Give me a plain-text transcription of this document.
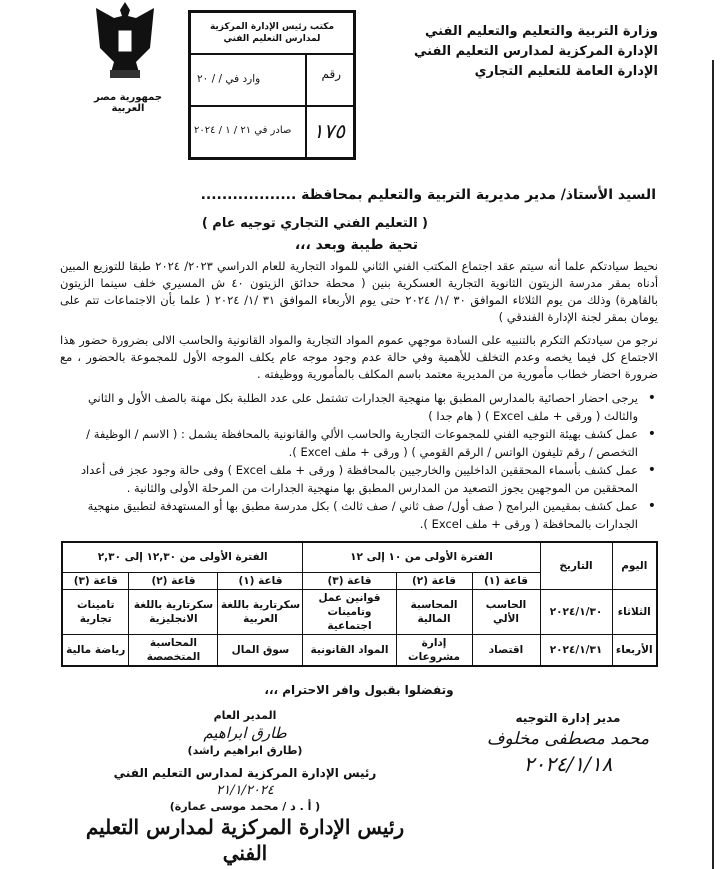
وزارة التربية والتعليم والتعليم الفني
الإدارة المركزية لمدارس التعليم الفني
الإدارة العامة للتعليم التجاري
جمهورية مصر العربية
مكتب رئيس الإدارة المركزية لمدارس التعليم الفني
رقم
١٧٥
وارد في / / ٢٠
صادر في ٢١ / ١ / ٢٠٢٤
السيد الأستاذ/ مدير مديرية التربية والتعليم بمحافظة ..................
( التعليم الفني التجاري توجيه عام )
تحية طيبة وبعد ،،،
نحيط سيادتكم علما أنه سيتم عقد اجتماع المكتب الفني الثاني للمواد التجارية للعام الدراسي ٢٠٢٣/ ٢٠٢٤ طبقا للتوزيع المبين أدناه بمقر مدرسة الزيتون الثانوية التجارية العسكرية بنين ( محطة حدائق الزيتون ٤٠ ش المسيري خلف سينما الزيتون بالقاهرة) وذلك من يوم الثلاثاء الموافق ٣٠ /١/ ٢٠٢٤ حتى يوم الأربعاء الموافق ٣١ /١/ ٢٠٢٤ ( علما بأن الاجتماعات تتم على يومان بمقر لجنة الإدارة الفندقي )
نرجو من سيادتكم التكرم بالتنبيه على السادة موجهي عموم المواد التجارية والمواد القانونية والحاسب الالى بضرورة حضور هذا الاجتماع كل فيما يخصه وعدم التخلف للأهمية وفي حالة عدم وجود موجه عام يكلف الموجه الأول للمجموعة بالحضور ، مع ضرورة احضار خطاب مأمورية من المديرية معتمد باسم المكلف بالمأمورية ووظيفته .
• يرجى احضار احصائية بالمدارس المطبق بها منهجية الجدارات تشتمل على عدد الطلبة بكل مهنة بالصف الأول و الثاني والثالث ( ورقى + ملف Excel ) ( هام جدا )
• عمل كشف بهيئة التوجيه الفني للمجموعات التجارية والحاسب الألي والقانونية بالمحافظة يشمل : ( الاسم / الوظيفة / التخصص / رقم تليفون الواتس / الرقم القومي ) ( ورقى + ملف Excel ).
• عمل كشف بأسماء المحققين الداخليين والخارجيين بالمحافظة ( ورقى + ملف Excel ) وفى حالة وجود عجز فى أعداد المحققين من الموجهين يجوز التصعيد من المدارس المطبق بها منهجية الجدارات من المرحلة الأولى والثانية .
• عمل كشف بمقيمين البرامج ( صف أول/ صف ثاني / صف ثالث ) بكل مدرسة مطبق بها أو المستهدفة لتطبيق منهجية الجدارات بالمحافظة ( ورقى + ملف Excel ).
اليوم	التاريخ	الفترة الأولى من ١٠ إلى ١٢			الفترة الأولى من ١٢,٣٠ إلى ٢,٣٠		
		قاعة (١)	قاعة (٢)	قاعة (٣)	قاعة (١)	قاعة (٢)	قاعة (٣)
الثلاثاء	٢٠٢٤/١/٣٠	الحاسب الألي	المحاسبة المالية	قوانين عمل وتامينات اجتماعية	سكرتارية باللغة العربية	سكرتارية باللغة الانجليزية	تامينات تجارية
الأربعاء	٢٠٢٤/١/٣١	اقتصاد	إدارة مشروعات	المواد القانونية	سوق المال	المحاسبة المتخصصة	رياضة مالية
وتفضلوا بقبول وافر الاحترام ،،،
مدير إدارة التوجيه
محمد مصطفى مخلوف
٢٠٢٤/١/١٨
المدير العام
طارق ابراهيم
(طارق ابراهيم راشد)
رئيس الإدارة المركزية لمدارس التعليم الفني
٢١/١/٢٠٢٤
( أ . د / محمد موسى عمارة)
رئيس الإدارة المركزية لمدارس التعليم الفني
